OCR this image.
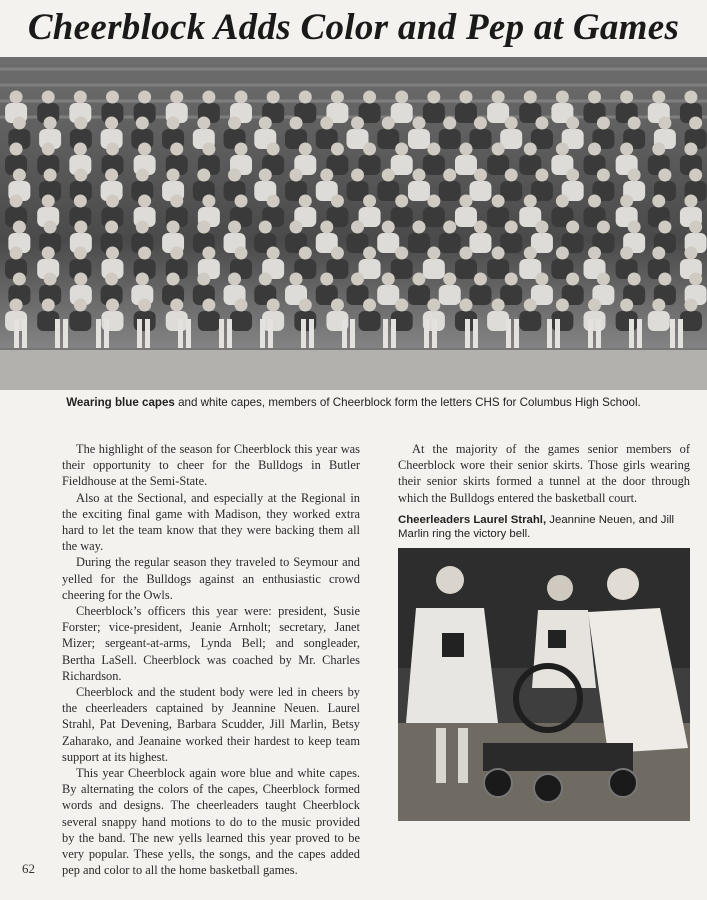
Cheerblock Adds Color and Pep at Games
Wearing blue capes and white capes, members of Cheerblock form the letters CHS for Columbus High School.

The highlight of the season for Cheerblock this year was their opportunity to cheer for the Bulldogs in Butler Fieldhouse at the Semi-State.

Also at the Sectional, and especially at the Regional in the exciting final game with Madison, they worked extra hard to let the team know that they were backing them all the way.

During the regular season they traveled to Seymour and yelled for the Bulldogs against an enthusiastic crowd cheering for the Owls.

Cheerblock’s officers this year were: president, Susie Forster; vice-president, Jeanie Arnholt; secretary, Janet Mizer; sergeant-at-arms, Lynda Bell; and songleader, Bertha LaSell. Cheerblock was coached by Mr. Charles Richardson.

Cheerblock and the student body were led in cheers by the cheerleaders captained by Jeannine Neuen. Laurel Strahl, Pat Devening, Barbara Scudder, Jill Marlin, Betsy Zaharako, and Jeanaine worked their hardest to keep team support at its highest.

This year Cheerblock again wore blue and white capes. By alternating the colors of the capes, Cheerblock formed words and designs. The cheerleaders taught Cheerblock several snappy hand motions to do to the music provided by the band. The new yells learned this year proved to be very popular. These yells, the songs, and the capes added pep and color to all the home basketball games.

At the majority of the games senior members of Cheerblock wore their senior skirts. Those girls wearing their senior skirts formed a tunnel at the door through which the Bulldogs entered the basketball court.

Cheerleaders Laurel Strahl, Jeannine Neuen, and Jill Marlin ring the victory bell.
62
